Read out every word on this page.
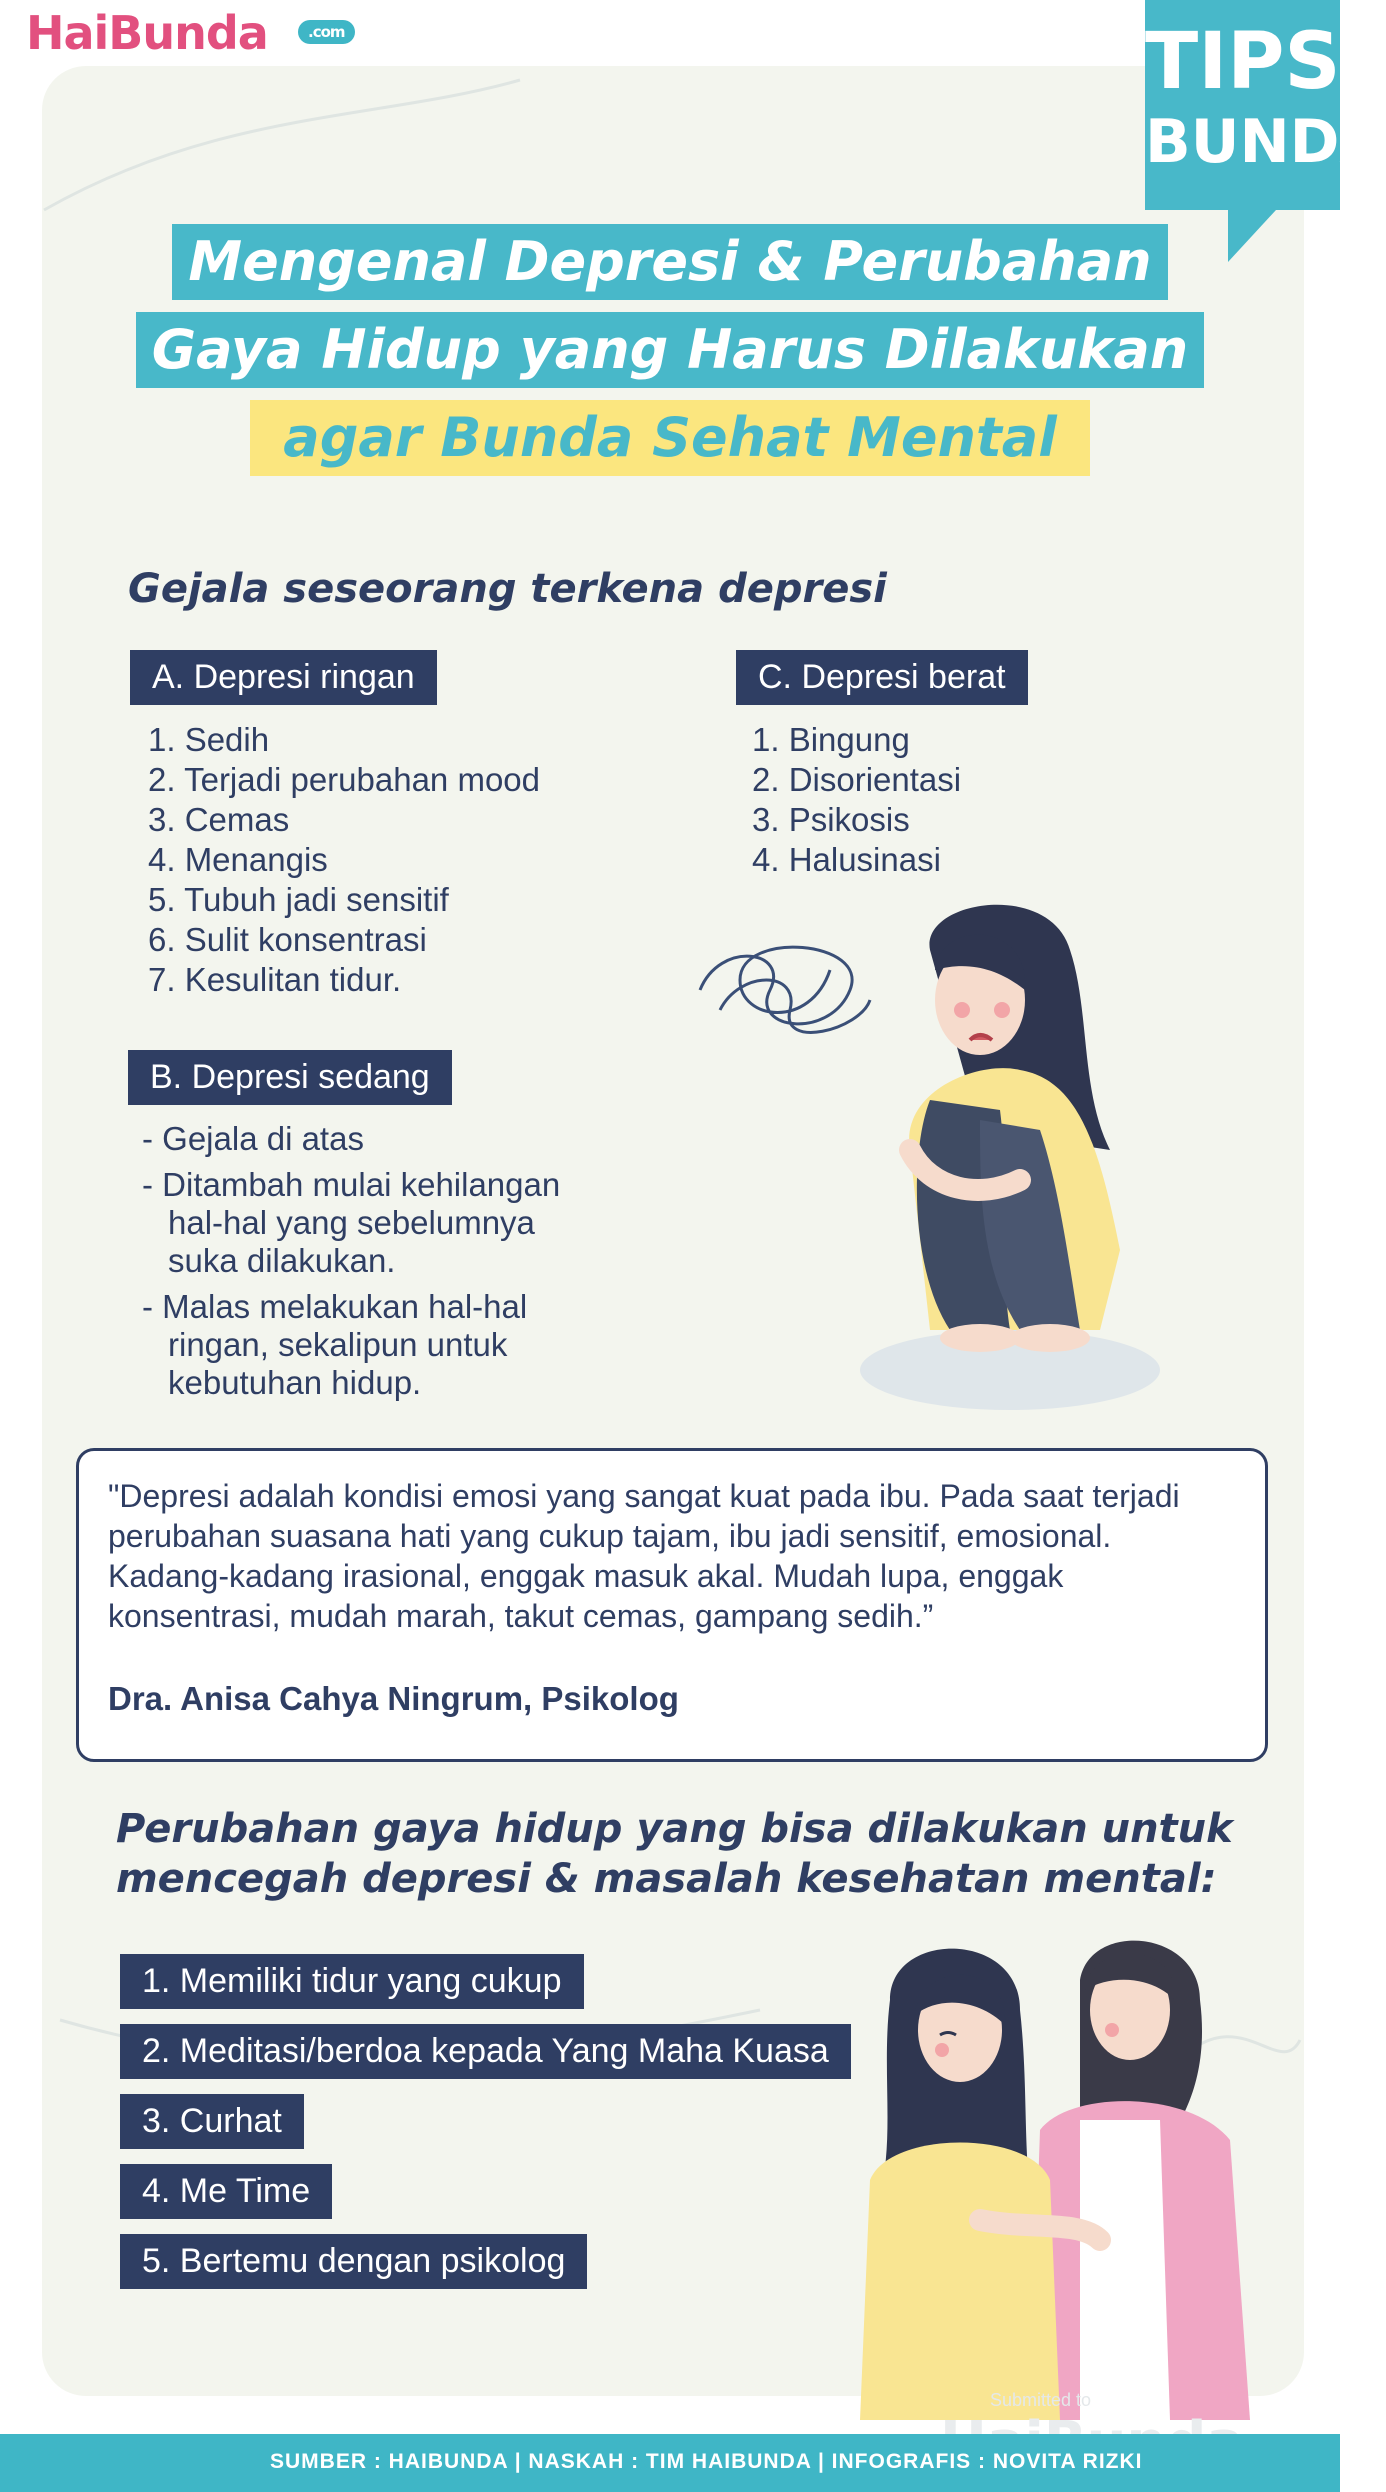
HaiBunda	.com	TIPS
BUNDA
Mengenal Depresi & Perubahan
Gaya Hidup yang Harus Dilakukan
agar Bunda Sehat Mental
Gejala seseorang terkena depresi
A. Depresi ringan
1. Sedih
2. Terjadi perubahan mood
3. Cemas
4. Menangis
5. Tubuh jadi sensitif
6. Sulit konsentrasi
7. Kesulitan tidur.
C. Depresi berat
1. Bingung
2. Disorientasi
3. Psikosis
4. Halusinasi
B. Depresi sedang
- Gejala di atas
- Ditambah mulai kehilangan
hal-hal yang sebelumnya
suka dilakukan.
- Malas melakukan hal-hal
ringan, sekalipun untuk
kebutuhan hidup.
"Depresi adalah kondisi emosi yang sangat kuat pada ibu. Pada saat terjadi perubahan suasana hati yang cukup tajam, ibu jadi sensitif, emosional. Kadang-kadang irasional, enggak masuk akal. Mudah lupa, enggak konsentrasi, mudah marah, takut cemas, gampang sedih.”
Dra. Anisa Cahya Ningrum, Psikolog
Perubahan gaya hidup yang bisa dilakukan untuk
mencegah depresi & masalah kesehatan mental:
1. Memiliki tidur yang cukup
2. Meditasi/berdoa kepada Yang Maha Kuasa
3. Curhat
4. Me Time
5. Bertemu dengan psikolog
Submitted to
SUMBER : HAIBUNDA | NASKAH : TIM HAIBUNDA | INFOGRAFIS : NOVITA RIZKI
